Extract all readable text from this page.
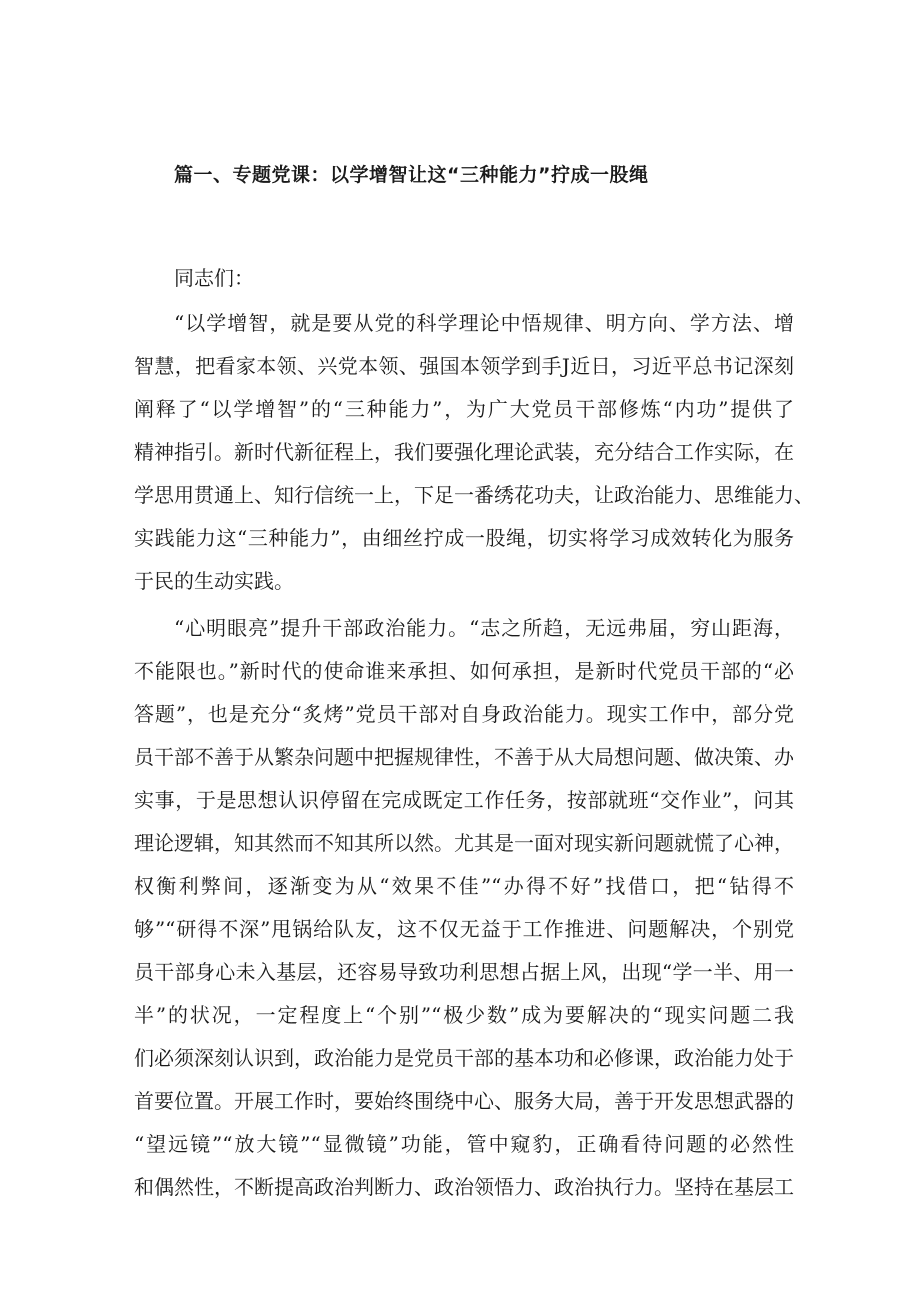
篇一、专题党课：以学增智让这“三种能力”拧成一股绳

同志们：

“以学增智，就是要从党的科学理论中悟规律、明方向、学方法、增
智慧，把看家本领、兴党本领、强国本领学到手J近日，习近平总书记深刻
阐释了“以学增智”的“三种能力”，为广大党员干部修炼“内功”提供了
精神指引。新时代新征程上，我们要强化理论武装，充分结合工作实际，在
学思用贯通上、知行信统一上，下足一番绣花功夫，让政治能力、思维能力、
实践能力这“三种能力”，由细丝拧成一股绳，切实将学习成效转化为服务
于民的生动实践。
“心明眼亮”提升干部政治能力。“志之所趋，无远弗届，穷山距海，
不能限也。”新时代的使命谁来承担、如何承担，是新时代党员干部的“必
答题”，也是充分“炙烤”党员干部对自身政治能力。现实工作中，部分党
员干部不善于从繁杂问题中把握规律性，不善于从大局想问题、做决策、办
实事，于是思想认识停留在完成既定工作任务，按部就班“交作业”，问其
理论逻辑，知其然而不知其所以然。尤其是一面对现实新问题就慌了心神，
权衡利弊间，逐渐变为从“效果不佳”“办得不好”找借口，把“钻得不
够”“研得不深”甩锅给队友，这不仅无益于工作推进、问题解决，个别党
员干部身心未入基层，还容易导致功利思想占据上风，出现“学一半、用一
半”的状况，一定程度上“个别”“极少数”成为要解决的“现实问题二我
们必须深刻认识到，政治能力是党员干部的基本功和必修课，政治能力处于
首要位置。开展工作时，要始终围绕中心、服务大局，善于开发思想武器的
“望远镜”“放大镜”“显微镜”功能，管中窥豹，正确看待问题的必然性
和偶然性，不断提高政治判断力、政治领悟力、政治执行力。坚持在基层工
